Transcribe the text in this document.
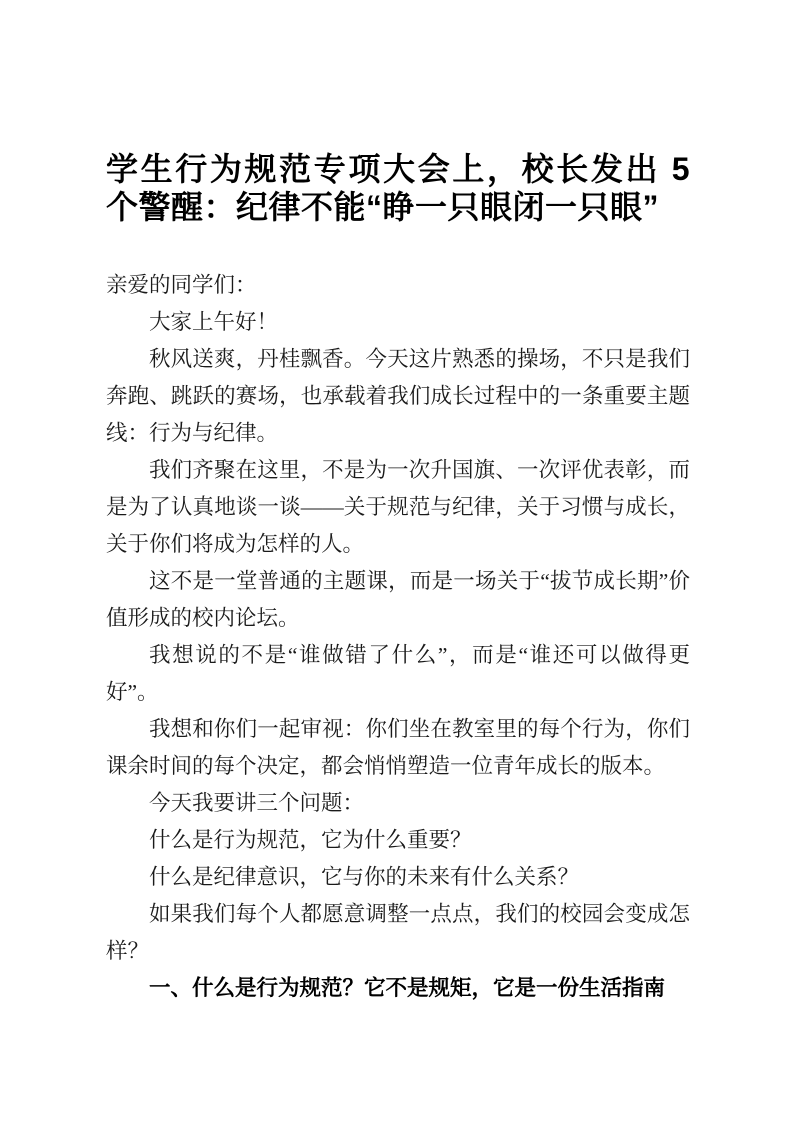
学生行为规范专项大会上，校长发出 5 个警醒：纪律不能“睁一只眼闭一只眼”

亲爱的同学们：

大家上午好！

秋风送爽，丹桂飘香。今天这片熟悉的操场，不只是我们奔跑、跳跃的赛场，也承载着我们成长过程中的一条重要主题线：行为与纪律。

我们齐聚在这里，不是为一次升国旗、一次评优表彰，而是为了认真地谈一谈——关于规范与纪律，关于习惯与成长，关于你们将成为怎样的人。

这不是一堂普通的主题课，而是一场关于“拔节成长期”价值形成的校内论坛。

我想说的不是“谁做错了什么”，而是“谁还可以做得更好”。

我想和你们一起审视：你们坐在教室里的每个行为，你们课余时间的每个决定，都会悄悄塑造一位青年成长的版本。

今天我要讲三个问题：

什么是行为规范，它为什么重要？

什么是纪律意识，它与你的未来有什么关系？

如果我们每个人都愿意调整一点点，我们的校园会变成怎样？

一、什么是行为规范？它不是规矩，它是一份生活指南
